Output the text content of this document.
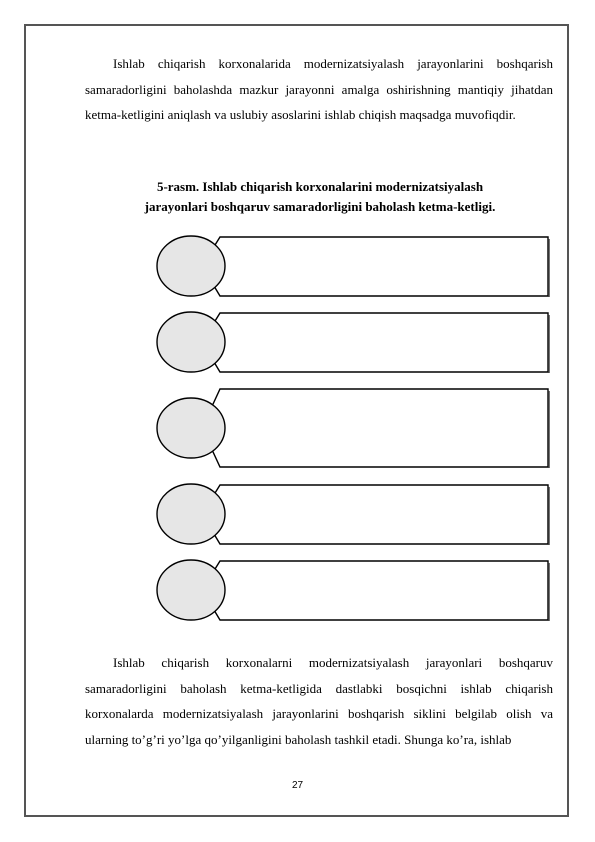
Ishlab chiqarish korxonalarida modernizatsiyalash jarayonlarini boshqarish samaradorligini baholashda mazkur jarayonni amalga oshirishning mantiqiy jihatdan ketma-ketligini aniqlash va uslubiy asoslarini ishlab chiqish maqsadga muvofiqdir.

5-rasm. Ishlab chiqarish korxonalarini modernizatsiyalash
jarayonlari boshqaruv samaradorligini baholash ketma-ketligi.

Ishlab chiqarish korxonalarni modernizatsiyalash jarayonlari boshqaruv samaradorligini baholash ketma-ketligida dastlabki bosqichni ishlab chiqarish korxonalarda modernizatsiyalash jarayonlarini boshqarish siklini belgilab olish va ularning to’g’ri yo’lga qo’yilganligini baholash tashkil etadi. Shunga ko’ra, ishlab

27
